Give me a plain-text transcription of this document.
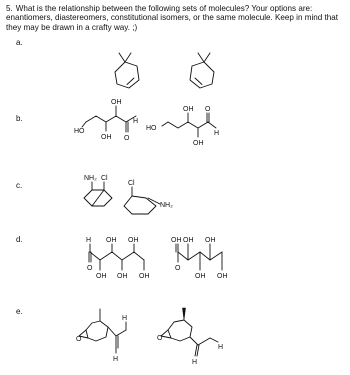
5. What is the relationship between the following sets of molecules? Your options are: enantiomers, diastereomers, constitutional isomers, or the same molecule. Keep in mind that they may be drawn in a crafty way. ;)
a.
b.
c.
d.
e.
HO
OH
OH
O
H
HO
OH
OH
O
H
NH₂ Cl
Cl
NH₂
H
O
OH
OH
OH
OH
OH
OH
O
OH
OH
OH
OH
O
H
H
O
H
H
